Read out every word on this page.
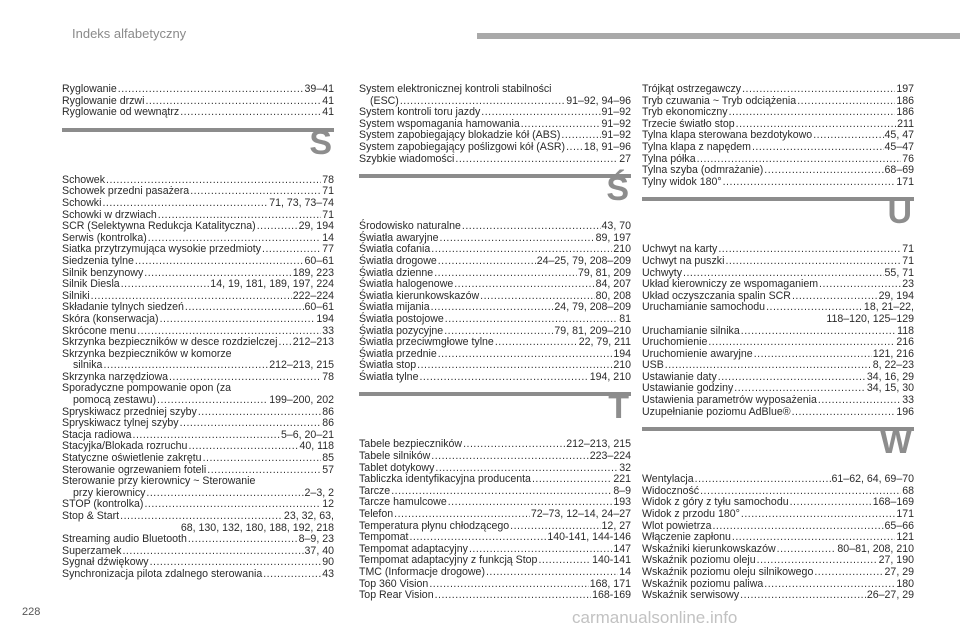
Indeks alfabetyczny
Ryglowanie .....	39–41
Ryglowanie drzwi .....	41
Ryglowanie od wewnątrz .....	41
S
Schowek .....	78
Schowek przedni pasażera .....	71
Schowki .....	71, 73, 73–74
Schowki w drzwiach .....	71
SCR (Selektywna Redukcja Katalityczna) .....	29, 194
Serwis (kontrolka) .....	14
Siatka przytrzymująca wysokie przedmioty .....	77
Siedzenia tylne .....	60–61
Silnik benzynowy .....	189, 223
Silnik Diesla .....	14, 19, 181, 189, 197, 224
Silniki .....	222–224
Składanie tylnych siedzeń .....	60–61
Skóra (konserwacja) .....	194
Skrócone menu .....	33
Skrzynka bezpieczników w desce rozdzielczej ..... 212–213
Skrzynka bezpieczników w komorze
silnika .....	212–213, 215
Skrzynka narzędziowa .....	78
Sporadyczne pompowanie opon (za
pomocą zestawu) .....	199–200, 202
Spryskiwacz przedniej szyby .....	86
Spryskiwacz tylnej szyby .....	86
Stacja radiowa .....	5–6, 20–21
Stacyjka/Blokada rozruchu .....	40, 118
Statyczne oświetlenie zakrętu .....	85
Sterowanie ogrzewaniem foteli .....	57
Sterowanie przy kierownicy ~ Sterowanie
przy kierownicy .....	2–3, 2
STOP (kontrolka) .....	12
Stop & Start .....	23, 32, 63,
68, 130, 132, 180, 188, 192, 218
Streaming audio Bluetooth .....	8–9, 23
Superzamek .....	37, 40
Sygnał dźwiękowy .....	90
Synchronizacja pilota zdalnego sterowania .....	43
System elektronicznej kontroli stabilności
(ESC) .....	91–92, 94–96
System kontroli toru jazdy .....	91–92
System wspomagania hamowania .....	91–92
System zapobiegający blokadzie kół (ABS) .....	91–92
System zapobiegający poślizgowi kół (ASR) ..... 18, 91–96
Szybkie wiadomości .....	27
Ś
Środowisko naturalne .....	43, 70
Światła awaryjne .....	89, 197
Światła cofania .....	210
Światła drogowe .....	24–25, 79, 208–209
Światła dzienne .....	79, 81, 209
Światła halogenowe .....	84, 207
Światła kierunkowskazów .....	80, 208
Światła mijania .....	24, 79, 208–209
Światła postojowe .....	81
Światła pozycyjne .....	79, 81, 209–210
Światła przeciwmgłowe tylne .....	22, 79, 211
Światła przednie .....	194
Światła stop .....	210
Światła tylne .....	194, 210
T
Tabele bezpieczników .....	212–213, 215
Tabele silników .....	223–224
Tablet dotykowy .....	32
Tabliczka identyfikacyjna producenta .....	221
Tarcze .....	8–9
Tarcze hamulcowe .....	193
Telefon .....	72–73, 12–14, 24–27
Temperatura płynu chłodzącego .....	12, 27
Tempomat .....	140-141, 144-146
Tempomat adaptacyjny .....	147
Tempomat adaptacyjny z funkcją Stop .....	140-141
TMC (Informacje drogowe) .....	14
Top 360 Vision .....	168, 171
Top Rear Vision .....	168-169
Trójkąt ostrzegawczy .....	197
Tryb czuwania ~ Tryb odciążenia .....	186
Tryb ekonomiczny .....	186
Trzecie światło stop .....	211
Tylna klapa sterowana bezdotykowo .....	45, 47
Tylna klapa z napędem .....	45–47
Tylna półka .....	76
Tylna szyba (odmrażanie) .....	68–69
Tylny widok 180° .....	171
U
Uchwyt na karty .....	71
Uchwyt na puszki .....	71
Uchwyty .....	55, 71
Układ kierowniczy ze wspomaganiem .....	23
Układ oczyszczania spalin SCR .....	29, 194
Uruchamianie samochodu .....	18, 21–22,
118–120, 125–129
Uruchamianie silnika .....	118
Uruchomienie .....	216
Uruchomienie awaryjne .....	121, 216
USB .....	8, 22–23
Ustawianie daty .....	34, 16, 29
Ustawianie godziny .....	34, 15, 30
Ustawienia parametrów wyposażenia .....	33
Uzupełnianie poziomu AdBlue® .....	196
W
Wentylacja .....	61–62, 64, 69–70
Widoczność .....	68
Widok z góry z tyłu samochodu .....	168–169
Widok z przodu 180° .....	171
Wlot powietrza .....	65–66
Włączenie zapłonu .....	121
Wskaźniki kierunkowskazów .....	80–81, 208, 210
Wskaźnik poziomu oleju .....	27, 190
Wskaźnik poziomu oleju silnikowego .....	27, 29
Wskaźnik poziomu paliwa .....	180
Wskaźnik serwisowy .....	26–27, 29
228	carmanualsonline.info
